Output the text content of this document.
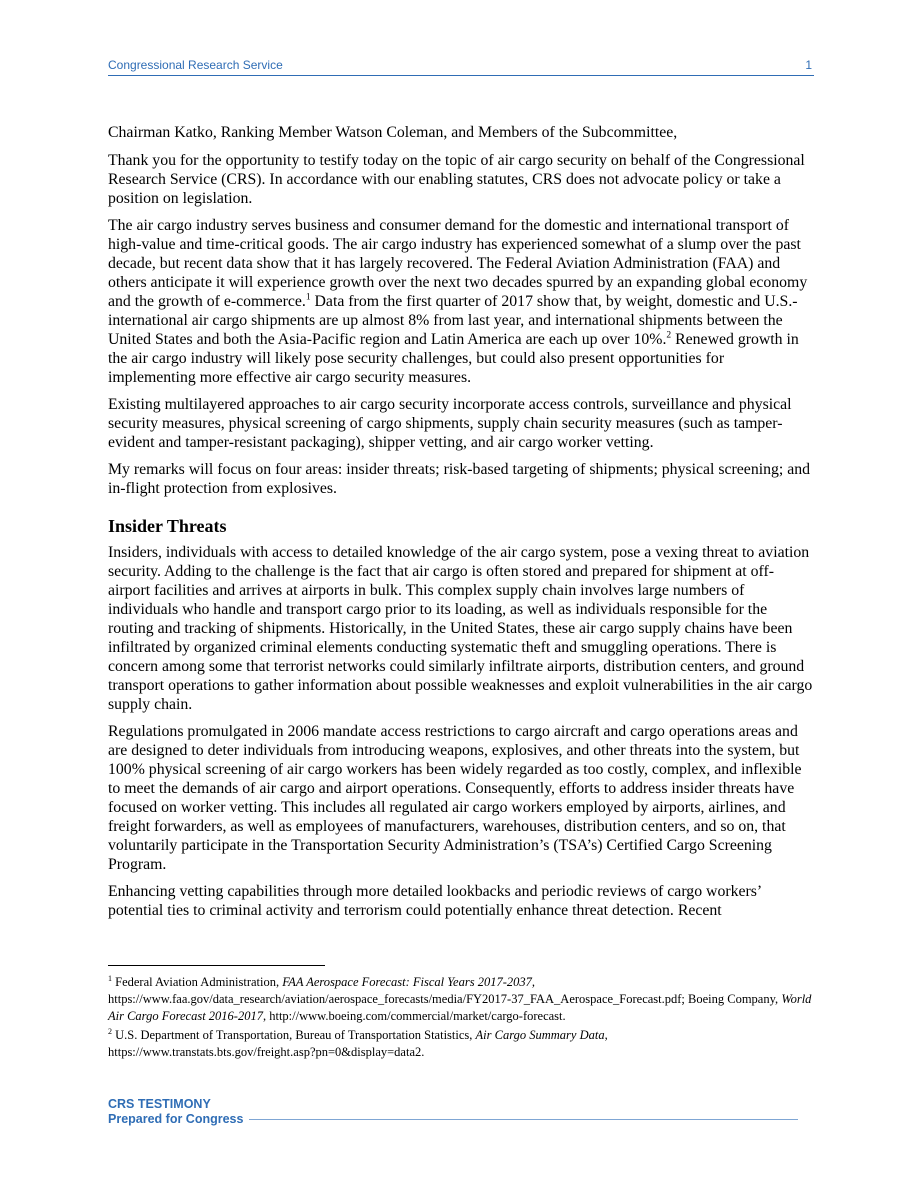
Congressional Research Service	1

Chairman Katko, Ranking Member Watson Coleman, and Members of the Subcommittee,

Thank you for the opportunity to testify today on the topic of air cargo security on behalf of the Congressional Research Service (CRS). In accordance with our enabling statutes, CRS does not advocate policy or take a position on legislation.

The air cargo industry serves business and consumer demand for the domestic and international transport of high-value and time-critical goods. The air cargo industry has experienced somewhat of a slump over the past decade, but recent data show that it has largely recovered. The Federal Aviation Administration (FAA) and others anticipate it will experience growth over the next two decades spurred by an expanding global economy and the growth of e-commerce.$^1$ Data from the first quarter of 2017 show that, by weight, domestic and U.S.-international air cargo shipments are up almost 8% from last year, and international shipments between the United States and both the Asia-Pacific region and Latin America are each up over 10%.$^2$ Renewed growth in the air cargo industry will likely pose security challenges, but could also present opportunities for implementing more effective air cargo security measures.

Existing multilayered approaches to air cargo security incorporate access controls, surveillance and physical security measures, physical screening of cargo shipments, supply chain security measures (such as tamper-evident and tamper-resistant packaging), shipper vetting, and air cargo worker vetting.

My remarks will focus on four areas: insider threats; risk-based targeting of shipments; physical screening; and in-flight protection from explosives.

Insider Threats

Insiders, individuals with access to detailed knowledge of the air cargo system, pose a vexing threat to aviation security. Adding to the challenge is the fact that air cargo is often stored and prepared for shipment at off-airport facilities and arrives at airports in bulk. This complex supply chain involves large numbers of individuals who handle and transport cargo prior to its loading, as well as individuals responsible for the routing and tracking of shipments. Historically, in the United States, these air cargo supply chains have been infiltrated by organized criminal elements conducting systematic theft and smuggling operations. There is concern among some that terrorist networks could similarly infiltrate airports, distribution centers, and ground transport operations to gather information about possible weaknesses and exploit vulnerabilities in the air cargo supply chain.

Regulations promulgated in 2006 mandate access restrictions to cargo aircraft and cargo operations areas and are designed to deter individuals from introducing weapons, explosives, and other threats into the system, but 100% physical screening of air cargo workers has been widely regarded as too costly, complex, and inflexible to meet the demands of air cargo and airport operations. Consequently, efforts to address insider threats have focused on worker vetting. This includes all regulated air cargo workers employed by airports, airlines, and freight forwarders, as well as employees of manufacturers, warehouses, distribution centers, and so on, that voluntarily participate in the Transportation Security Administration’s (TSA’s) Certified Cargo Screening Program.

Enhancing vetting capabilities through more detailed lookbacks and periodic reviews of cargo workers’ potential ties to criminal activity and terrorism could potentially enhance threat detection. Recent

$^1$ Federal Aviation Administration, FAA Aerospace Forecast: Fiscal Years 2017-2037, https://www.faa.gov/data_research/aviation/aerospace_forecasts/media/FY2017-37_FAA_Aerospace_Forecast.pdf; Boeing Company, World Air Cargo Forecast 2016-2017, http://www.boeing.com/commercial/market/cargo-forecast.

$^2$ U.S. Department of Transportation, Bureau of Transportation Statistics, Air Cargo Summary Data, https://www.transtats.bts.gov/freight.asp?pn=0&display=data2.

CRS TESTIMONY
Prepared for Congress
